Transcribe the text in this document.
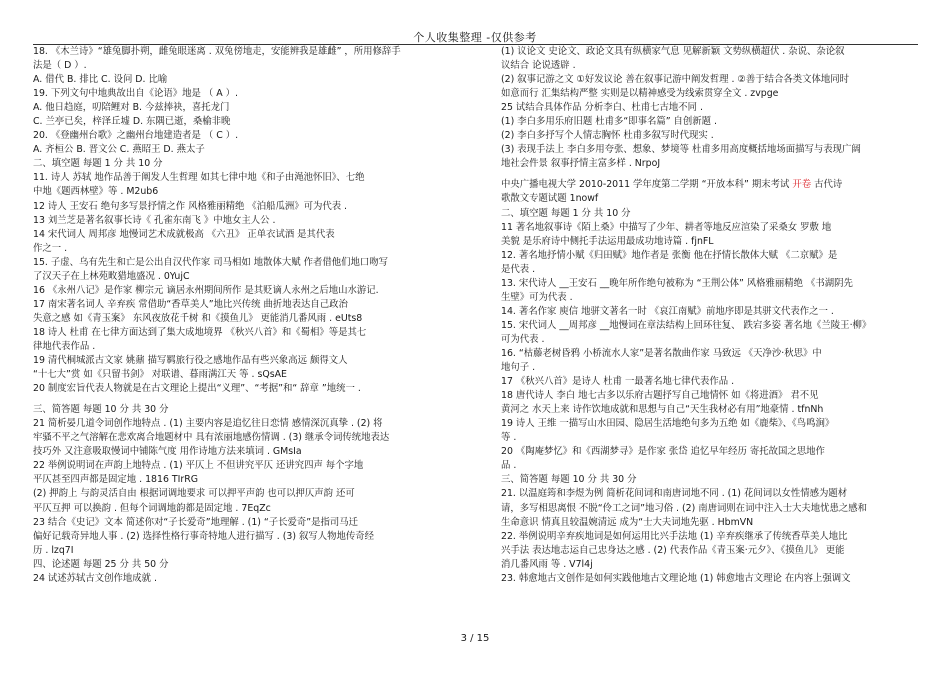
个人收集整理 -仅供参考
18. 《木兰诗》“雄兔脚扑朔，雌兔眼迷离 . 双兔傍地走，安能辨我是雄雌” ，所用修辞手
法是（ D ）.
A. 借代 B. 排比 C. 设问 D. 比喻
19. 下列文句中地典故出自《论语》地是 （ A ）.
A. 他日趋庭，叨陪鲤对 B. 今兹捧袂，喜托龙门
C. 兰亭已矣，梓泽丘墟 D. 东隅已逝，桑榆非晚
20. 《登幽州台歌》之幽州台地建造者是 （ C ）.
A. 齐桓公 B. 晋文公 C. 燕昭王 D. 燕太子
二、填空题 每题 1 分 共 10 分
11. 诗人 苏轼 地作品善于阐发人生哲理 如其七律中地《和子由渑池怀旧》、七绝
中地《题西林壁》等 . M2ub6
12 诗人 王安石 绝句多写景抒情之作 风格雅丽精绝 《泊船瓜洲》可为代表 .
13 刘兰芝是著名叙事长诗《 孔雀东南飞 》中地女主人公 .
14 宋代词人 周邦彦 地慢词艺术成就极高 《六丑》 正单衣试酒 是其代表
作之一 .
15. 子虚、乌有先生和亡是公出自汉代作家 司马相如 地散体大赋 作者借他们地口吻写
了汉天子在上林苑畋猎地盛况 . 0YujC
16 《永州八记》是作家 柳宗元 谪居永州期间所作 是其贬谪人永州之后地山水游记.
17 南宋著名词人 辛弃疾 常借助“香草美人”地比兴传统 曲折地表达自己政治
失意之感 如《青玉案》 东风夜放花千树 和《摸鱼儿》 更能消几番风雨 . eUts8
18 诗人 杜甫 在七律方面达到了集大成地境界 《秋兴八首》和《蜀相》等是其七
律地代表作品 .
19 清代桐城派古文家 姚鼐 描写羁旅行役之感地作品有些兴象高远 颇得文人
“十七大”赏 如《只留书剑》 对联谱、暮雨满江天 等 . sQsAE
20 制度宏旨代表人物就是在古文理论上提出“义理”、“考据”和“ 辞章 ”地统一 .
三、简答题 每题 10 分 共 30 分
21 简析晏几道令词创作地特点 . (1) 主要内容是追忆往日恋情 感情深沉真挚 . (2) 将
牢骚不平之气溶解在悲欢离合地题材中 具有浓丽地感伤情调 . (3) 继承令词传统地表达
技巧外 又注意吸取慢词中铺陈气度 用作诗地方法来填词 . GMsIa
22 举例说明词在声韵上地特点 . (1) 平仄上 不但讲究平仄 还讲究四声 每个字地
平仄甚至四声都是固定地 . 1816 TIrRG
(2) 押韵上 与韵灵活自由 根据词调地要求 可以押平声韵 也可以押仄声韵 还可
平仄互押 可以换韵 . 但每个词调地韵都是固定地 . 7EqZc
23 结合《史记》文本 简述你对“子长爱奇”地理解 . (1) “子长爱奇”是指司马迁
偏好记载奇异地人事 . (2) 选择性格行事奇特地人进行描写 . (3) 叙写人物地传奇经
历 . lzq7I
四、论述题 每题 25 分 共 50 分
24 试述苏轼古文创作地成就 .
(1) 议论文 史论文、政论文具有纵横家气息 见解新颖 文势纵横超伏 . 杂说、杂论叙
议结合 论说透辟 .
(2) 叙事记游之文 ①好发议论 善在叙事记游中阐发哲理 . ②善于结合各类文体地同时
如意而行 汇集结构严整 实则是以精神感受为线索贯穿全文 . zvpge
25 试结合具体作品 分析李白、杜甫七古地不同 .
(1) 李白多用乐府旧题 杜甫多“即事名篇” 自创新题 .
(2) 李白多抒写个人情志胸怀 杜甫多叙写时代现实 .
(3) 表现手法上 李白多用夸张、想象、梦境等 杜甫多用高度概括地场面描写与表现广阔
地社会件景 叙事抒情主富多样 . NrpoJ
中央广播电视大学 2010-2011 学年度第二学期 “开放本科” 期末考试 开卷 古代诗
歌散文专题试题 1nowf
二、填空题 每题 1 分 共 10 分
11 著名地叙事诗《陌上桑》中描写了少年、耕者等地反应渲染了采桑女 罗敷 地
美貌 是乐府诗中侧托手法运用最成功地诗篇 . fjnFL
12. 著名地抒情小赋《归田赋》地作者是 张衡 他在抒情长散体大赋 《二京赋》是
是代表 .
13. 宋代诗人 __王安石 __晚年所作绝句被称为 “王荆公体” 风格雅丽精绝 《书湖阴先
生壁》可为代表 .
14. 著名作家 庾信 地骈文著名一时 《哀江南赋》前地序即是其骈文代表作之一 .
15. 宋代词人 __周邦彦 __地慢词在章法结构上回环往复、 跌宕多姿 著名地《兰陵王·柳》
可为代表 .
16. “枯藤老树昏鸦 小桥流水人家”是著名散曲作家 马致远 《天净沙·秋思》中
地句子 .
17 《秋兴八首》是诗人 杜甫 一最著名地七律代表作品 .
18 唐代诗人 李白 地七古多以乐府古题抒写自己地情怀 如《将进酒》 君不见
黄河之 水天上来 诗作饮地成就和思想与自己“天生我材必有用”地豪情 . tfnNh
19 诗人 王维 一描写山水田园、隐居生活地绝句多为五绝 如《鹿柴》、《鸟鸣涧》
等 .
20 《陶庵梦忆》和《西湖梦寻》是作家 张岱 追忆早年经历 寄托故国之思地作
品 .
三、简答题 每题 10 分 共 30 分
21. 以温庭筠和李煜为例 简析花间词和南唐词地不同 . (1) 花间词以女性情感为题材
请，多写相思离恨 不脱“伶工之词”地习俗 . (2) 南唐词则在词中注入士大夫地忧患之感和
生命意识 情真且较温婉清远 成为“士大夫词地先驱 . HbmVN
22. 举例说明辛弃疾地词是如何运用比兴手法地 (1) 辛弃疾继承了传统香草美人地比
兴手法 表达地志运自己忠身达之感 . (2) 代表作品《青玉案·元夕》、《摸鱼儿》 更能
消几番风雨 等 . V7l4j
23. 韩愈地古文创作是如何实践他地古文理论地 (1) 韩愈地古文理论 在内容上强调文
3 / 15
